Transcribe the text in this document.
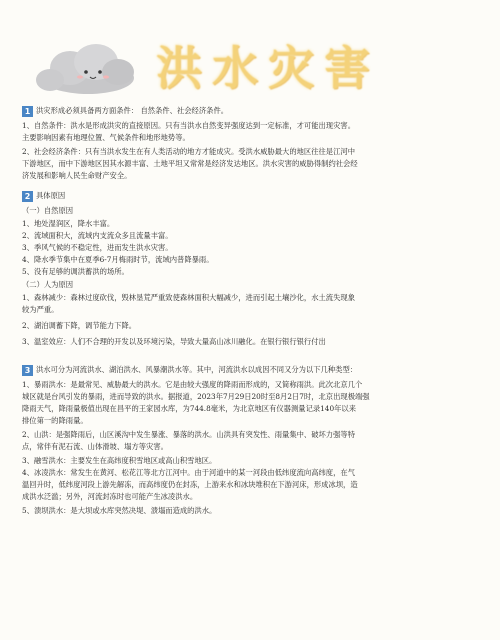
洪水灾害
1 洪灾形成必须具备两方面条件： 自然条件、社会经济条件。
1、自然条件：洪水是形成洪灾的直接原因。只有当洪水自然变异强度达到一定标准，才可能出现灾害。
主要影响因素有地理位置、气候条件和地形地势等。
2、社会经济条件：只有当洪水发生在有人类活动的地方才能成灾。受洪水威胁最大的地区往往是江河中
下游地区，而中下游地区因其水源丰富、土地平坦又常常是经济发达地区。洪水灾害的威胁得制约社会经
济发展和影响人民生命财产安全。
2 具体原因
（一）自然原因
1、地处湿润区，降水丰富。
2、流域面积大，流域内支流众多且流量丰富。
3、季风气候的不稳定性，进而发生洪水灾害。
4、降水季节集中在夏季6-7月梅雨时节，流域内普降暴雨。
5、没有足够的调洪蓄洪的场所。
（二）人为原因
1、森林减少：森林过度砍伐，毁林垦荒严重致使森林面积大幅减少，进而引起土壤沙化，水土流失现象
较为严重。
2、湖泊调蓄下降，调节能力下降。
3、温室效应：人们不合理的开发以及环境污染，导致大量高山冰川融化。在银行银行银行付出
3 洪水可分为河流洪水、湖泊洪水、风暴潮洪水等。其中，河流洪水以成因不同又分为以下几种类型：
1、暴雨洪水：是最常见、威胁最大的洪水。它是由较大强度的降雨而形成的，又简称雨洪。此次北京几个
城区就是台风引发的暴雨，进而导致的洪水。据报道，2023年7月29日20时至8月2日7时，北京出现极端强
降雨天气，降雨量极值出现在昌平的王家园水库，为744.8毫米，为北京地区有仪器测量记录140年以来
排位第一的降雨量。
2、山洪：是强降雨后，山区溪沟中发生暴涨、暴落的洪水。山洪具有突发性、雨量集中、破坏力强等特
点，常伴有泥石流、山体滑坡、塌方等灾害。
3、融雪洪水：主要发生在高纬度积雪地区或高山积雪地区。
4、冰凌洪水：常发生在黄河、松花江等北方江河中。由于河道中的某一河段由低纬度流向高纬度，在气
温回升时，低纬度河段上游先解冻，而高纬度仍在封冻，上游来水和冰块堆积在下游河床，形成冰坝，造
成洪水泛滥；另外，河流封冻时也可能产生冰凌洪水。
5、溃坝洪水：是大坝或水库突然决堤、溃塌而造成的洪水。
